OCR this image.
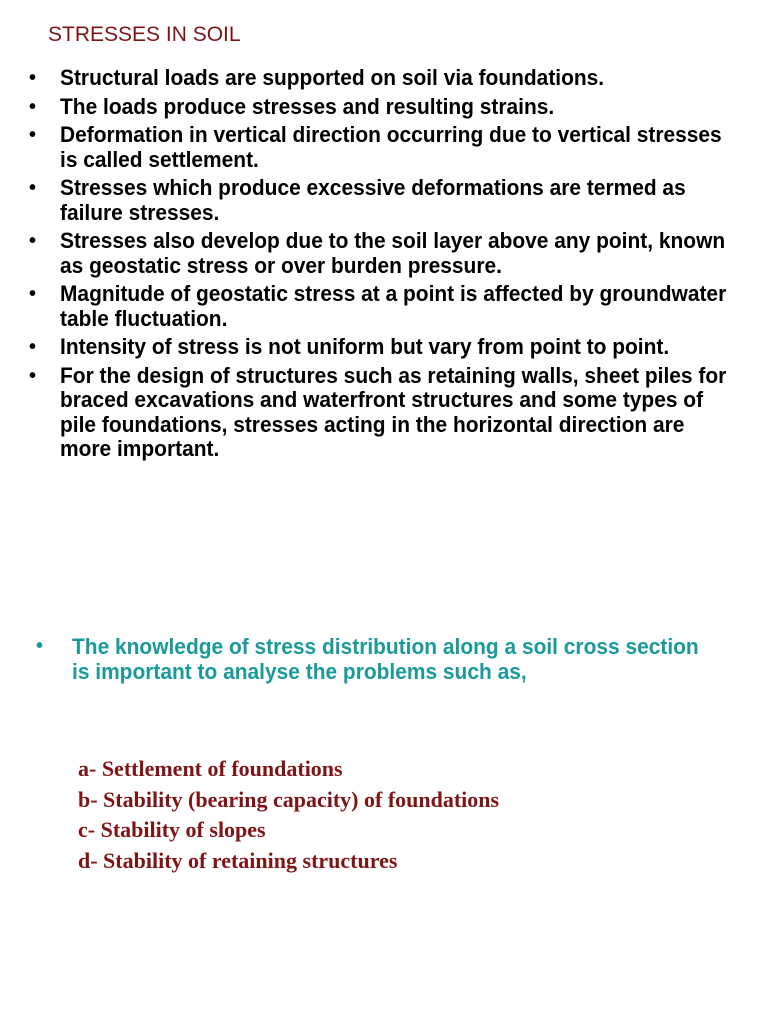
STRESSES IN SOIL
• Structural loads are supported on soil via foundations.
• The loads produce stresses and resulting strains.
• Deformation in vertical direction occurring due to vertical stresses is called settlement.
• Stresses which produce excessive deformations are termed as failure stresses.
• Stresses also develop due to the soil layer above any point, known as geostatic stress or over burden pressure.
• Magnitude of geostatic stress at a point is affected by groundwater table fluctuation.
• Intensity of stress is not uniform but vary from point to point.
• For the design of structures such as retaining walls, sheet piles for braced excavations and waterfront structures and some types of pile foundations, stresses acting in the horizontal direction are more important.
• The knowledge of stress distribution along a soil cross section is important to analyse the problems such as,
a- Settlement of foundations
b- Stability (bearing capacity) of foundations
c- Stability of slopes
d- Stability of retaining structures
